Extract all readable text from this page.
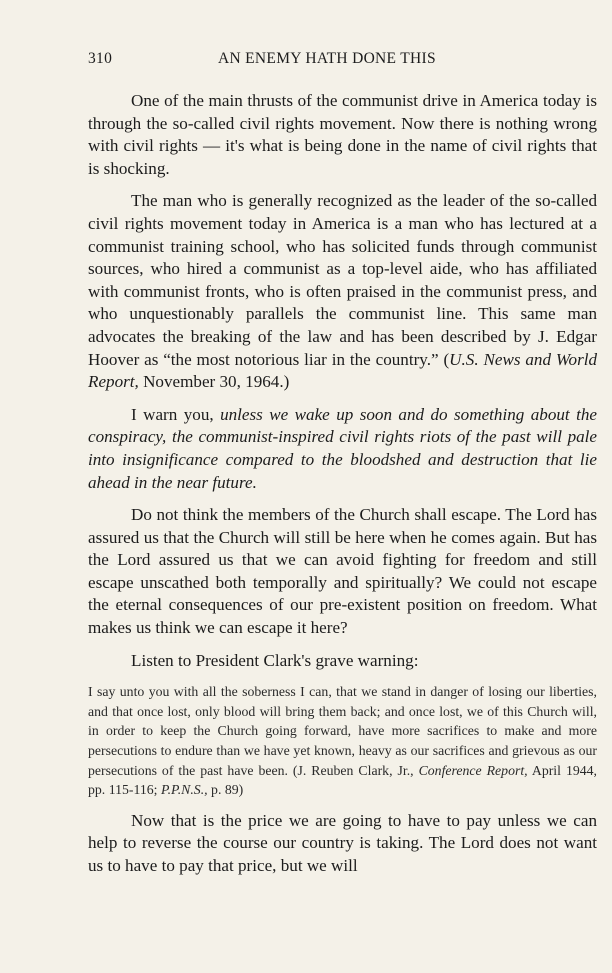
310	AN ENEMY HATH DONE THIS

One of the main thrusts of the communist drive in America today is through the so-called civil rights movement. Now there is nothing wrong with civil rights — it's what is being done in the name of civil rights that is shocking.

The man who is generally recognized as the leader of the so-called civil rights movement today in America is a man who has lectured at a communist training school, who has solicited funds through communist sources, who hired a communist as a top-level aide, who has affiliated with communist fronts, who is often praised in the communist press, and who unquestionably parallels the communist line. This same man advocates the breaking of the law and has been described by J. Edgar Hoover as “the most notorious liar in the country.” (U.S. News and World Report, November 30, 1964.)

I warn you, unless we wake up soon and do something about the conspiracy, the communist-inspired civil rights riots of the past will pale into insignificance compared to the bloodshed and destruction that lie ahead in the near future.

Do not think the members of the Church shall escape. The Lord has assured us that the Church will still be here when he comes again. But has the Lord assured us that we can avoid fighting for freedom and still escape unscathed both temporally and spiritually? We could not escape the eternal consequences of our pre-existent position on freedom. What makes us think we can escape it here?

Listen to President Clark's grave warning:

I say unto you with all the soberness I can, that we stand in danger of losing our liberties, and that once lost, only blood will bring them back; and once lost, we of this Church will, in order to keep the Church going forward, have more sacrifices to make and more persecutions to endure than we have yet known, heavy as our sacrifices and grievous as our persecutions of the past have been. (J. Reuben Clark, Jr., Conference Report, April 1944, pp. 115-116; P.P.N.S., p. 89)

Now that is the price we are going to have to pay unless we can help to reverse the course our country is taking. The Lord does not want us to have to pay that price, but we will
